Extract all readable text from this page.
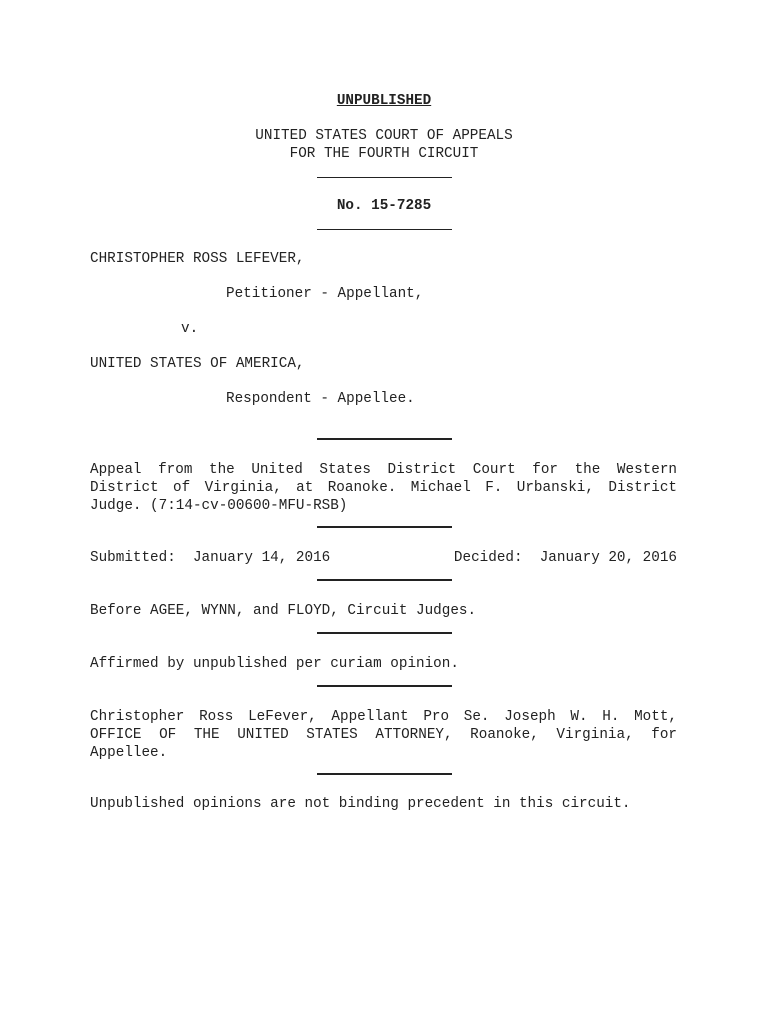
UNPUBLISHED
UNITED STATES COURT OF APPEALS
FOR THE FOURTH CIRCUIT
No. 15-7285
CHRISTOPHER ROSS LEFEVER,
Petitioner - Appellant,
v.
UNITED STATES OF AMERICA,
Respondent - Appellee.
Appeal from the United States District Court for the Western
District of Virginia, at Roanoke. Michael F. Urbanski, District
Judge. (7:14-cv-00600-MFU-RSB)
Submitted:  January 14, 2016	Decided:  January 20, 2016
Before AGEE, WYNN, and FLOYD, Circuit Judges.
Affirmed by unpublished per curiam opinion.
Christopher Ross LeFever, Appellant Pro Se. Joseph W. H. Mott,
OFFICE OF THE UNITED STATES ATTORNEY, Roanoke, Virginia, for
Appellee.
Unpublished opinions are not binding precedent in this circuit.
